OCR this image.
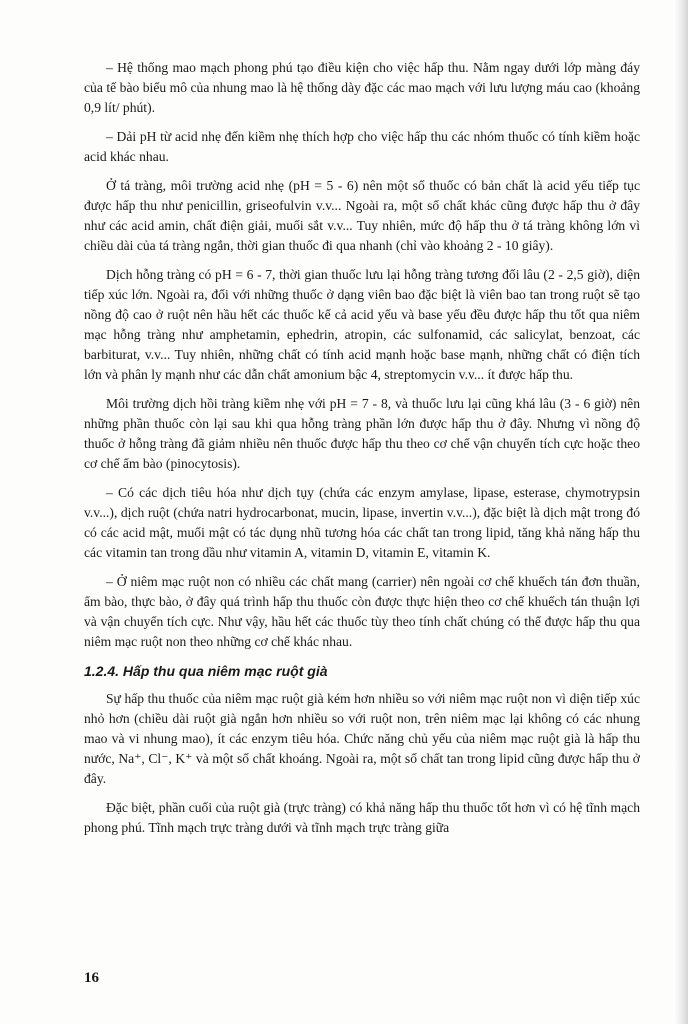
– Hệ thống mao mạch phong phú tạo điều kiện cho việc hấp thu. Nằm ngay dưới lớp màng đáy của tế bào biểu mô của nhung mao là hệ thống dày đặc các mao mạch với lưu lượng máu cao (khoảng 0,9 lít/ phút).

– Dải pH từ acid nhẹ đến kiềm nhẹ thích hợp cho việc hấp thu các nhóm thuốc có tính kiềm hoặc acid khác nhau.

Ở tá tràng, môi trường acid nhẹ (pH = 5 - 6) nên một số thuốc có bản chất là acid yếu tiếp tục được hấp thu như penicillin, griseofulvin v.v... Ngoài ra, một số chất khác cũng được hấp thu ở đây như các acid amin, chất điện giải, muối sắt v.v... Tuy nhiên, mức độ hấp thu ở tá tràng không lớn vì chiều dài của tá tràng ngắn, thời gian thuốc đi qua nhanh (chỉ vào khoảng 2 - 10 giây).

Dịch hỗng tràng có pH = 6 - 7, thời gian thuốc lưu lại hỗng tràng tương đối lâu (2 - 2,5 giờ), diện tiếp xúc lớn. Ngoài ra, đối với những thuốc ở dạng viên bao đặc biệt là viên bao tan trong ruột sẽ tạo nồng độ cao ở ruột nên hầu hết các thuốc kể cả acid yếu và base yếu đều được hấp thu tốt qua niêm mạc hỗng tràng như amphetamin, ephedrin, atropin, các sulfonamid, các salicylat, benzoat, các barbiturat, v.v... Tuy nhiên, những chất có tính acid mạnh hoặc base mạnh, những chất có điện tích lớn và phân ly mạnh như các dẫn chất amonium bậc 4, streptomycin v.v... ít được hấp thu.

Môi trường dịch hồi tràng kiềm nhẹ với pH = 7 - 8, và thuốc lưu lại cũng khá lâu (3 - 6 giờ) nên những phần thuốc còn lại sau khi qua hỗng tràng phần lớn được hấp thu ở đây. Nhưng vì nồng độ thuốc ở hỗng tràng đã giảm nhiều nên thuốc được hấp thu theo cơ chế vận chuyển tích cực hoặc theo cơ chế ẩm bào (pinocytosis).

– Có các dịch tiêu hóa như dịch tụy (chứa các enzym amylase, lipase, esterase, chymotrypsin v.v...), dịch ruột (chứa natri hydrocarbonat, mucin, lipase, invertin v.v...), đặc biệt là dịch mật trong đó có các acid mật, muối mật có tác dụng nhũ tương hóa các chất tan trong lipid, tăng khả năng hấp thu các vitamin tan trong dầu như vitamin A, vitamin D, vitamin E, vitamin K.

– Ở niêm mạc ruột non có nhiều các chất mang (carrier) nên ngoài cơ chế khuếch tán đơn thuần, ẩm bào, thực bào, ở đây quá trình hấp thu thuốc còn được thực hiện theo cơ chế khuếch tán thuận lợi và vận chuyển tích cực. Như vậy, hầu hết các thuốc tùy theo tính chất chúng có thể được hấp thu qua niêm mạc ruột non theo những cơ chế khác nhau.

1.2.4. Hấp thu qua niêm mạc ruột già

Sự hấp thu thuốc của niêm mạc ruột già kém hơn nhiều so với niêm mạc ruột non vì diện tiếp xúc nhỏ hơn (chiều dài ruột già ngắn hơn nhiều so với ruột non, trên niêm mạc lại không có các nhung mao và vi nhung mao), ít các enzym tiêu hóa. Chức năng chủ yếu của niêm mạc ruột già là hấp thu nước, Na⁺, Cl⁻, K⁺ và một số chất khoáng. Ngoài ra, một số chất tan trong lipid cũng được hấp thu ở đây.

Đặc biệt, phần cuối của ruột già (trực tràng) có khả năng hấp thu thuốc tốt hơn vì có hệ tĩnh mạch phong phú. Tĩnh mạch trực tràng dưới và tĩnh mạch trực tràng giữa

16
